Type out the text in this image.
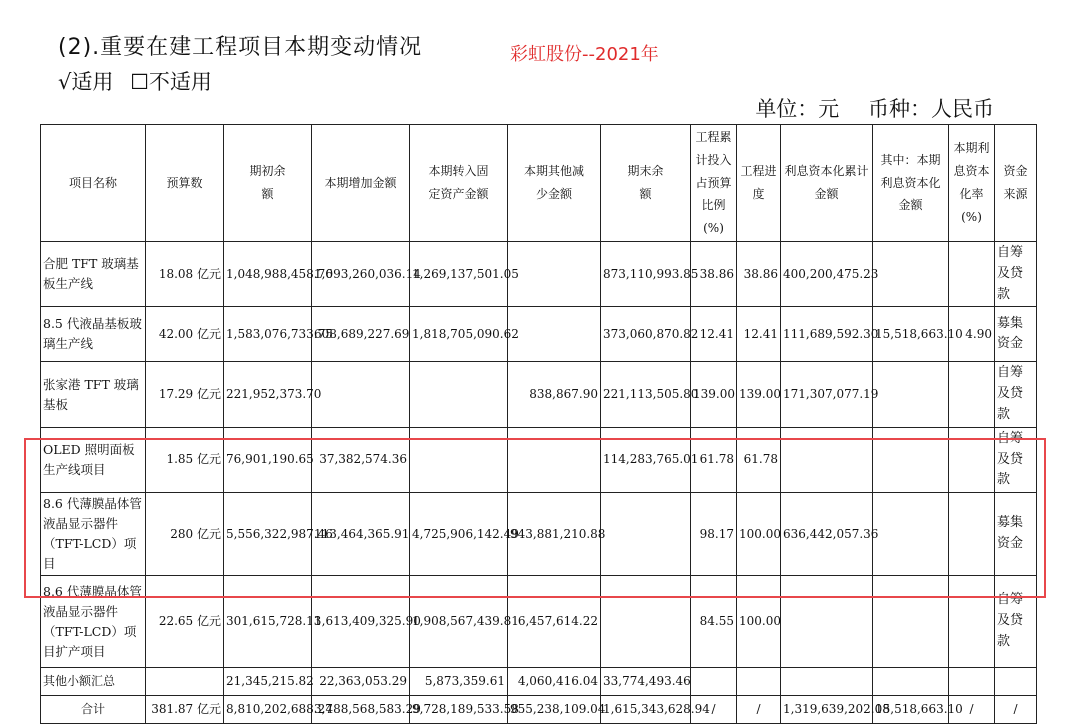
(2).重要在建工程项目本期变动情况	彩虹股份--2021年
√适用 ☐不适用
单位：元 币种：人民币
项目名称	预算数	期初余额	本期增加金额	本期转入固定资产金额	本期其他减少金额	期末余额	工程累计投入占预算比例(%)	工程进度	利息资本化累计金额	其中：本期利息资本化金额	本期利息资本化率(%)	资金来源
合肥 TFT 玻璃基板生产线	18.08 亿元	1,048,988,458.76	1,093,260,036.14	1,269,137,501.05		873,110,993.85	38.86	38.86	400,200,475.23			自筹及贷款
8.5 代液晶基板玻璃生产线	42.00 亿元	1,583,076,733.75	608,689,227.69	1,818,705,090.62		373,060,870.82	12.41	12.41	111,689,592.30	15,518,663.10	4.90	募集资金
张家港 TFT 玻璃基板	17.29 亿元	221,952,373.70			838,867.90	221,113,505.80	139.00	139.00	171,307,077.19			自筹及贷款
OLED 照明面板生产线项目	1.85 亿元	76,901,190.65	37,382,574.36			114,283,765.01	61.78	61.78				自筹及贷款
8.6 代薄膜晶体管液晶显示器件（TFT-LCD）项目	280 亿元	5,556,322,987.46	113,464,365.91	4,725,906,142.49	943,881,210.88		98.17	100.00	636,442,057.36			募集资金
8.6 代薄膜晶体管液晶显示器件（TFT-LCD）项目扩产项目	22.65 亿元	301,615,728.13	1,613,409,325.90	1,908,567,439.81	6,457,614.22		84.55	100.00				自筹及贷款
其他小额汇总		21,345,215.82	22,363,053.29	5,873,359.61	4,060,416.04	33,774,493.46						
合计	381.87 亿元	8,810,202,688.27	3,488,568,583.29	9,728,189,533.58	955,238,109.04	1,615,343,628.94	/	/	1,319,639,202.08	15,518,663.10	/	/
